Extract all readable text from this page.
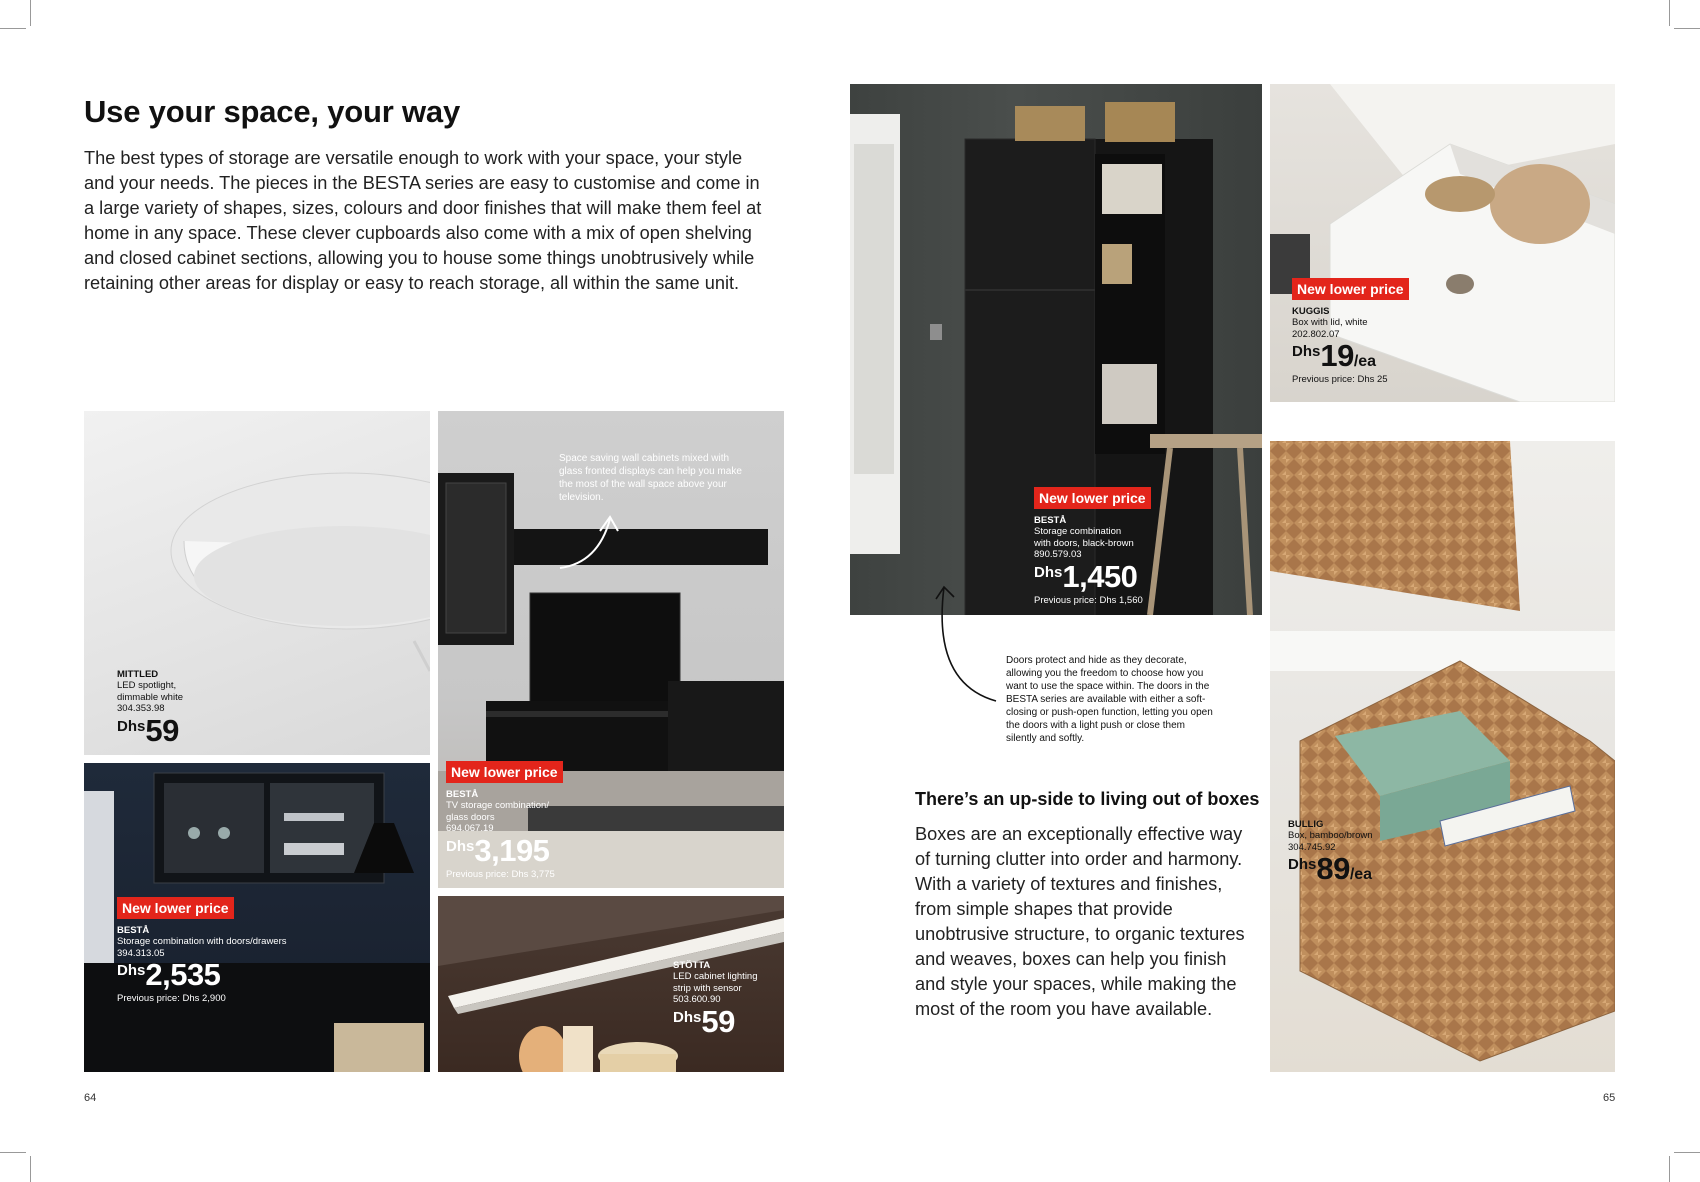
Use your space, your way
The best types of storage are versatile enough to work with your space, your style and your needs. The pieces in the BESTA series are easy to customise and come in a large variety of shapes, sizes, colours and door finishes that will make them feel at home in any space. These clever cupboards also come with a mix of open shelving and closed cabinet sections, allowing you to house some things unobtrusively while retaining other areas for display or easy to reach storage, all within the same unit.
MITTLED
LED spotlight,
dimmable white
304.353.98
Dhs59
Space saving wall cabinets mixed with glass fronted displays can help you make the most of the wall space above your television.
New lower price
BESTÅ
TV storage combination/
glass doors
694.067.19
Dhs3,195
Previous price: Dhs 3,775
New lower price
BESTÅ
Storage combination with doors/drawers
394.313.05
Dhs2,535
Previous price: Dhs 2,900
STÖTTA
LED cabinet lighting
strip with sensor
503.600.90
Dhs59
New lower price
BESTÅ
Storage combination
with doors, black-brown
890.579.03
Dhs1,450
Previous price: Dhs 1,560
Doors protect and hide as they decorate, allowing you the freedom to choose how you want to use the space within. The doors in the BESTA series are available with either a soft-closing or push-open function, letting you open the doors with a light push or close them silently and softly.
New lower price
KUGGIS
Box with lid, white
202.802.07
Dhs19/ea
Previous price: Dhs 25
BULLIG
Box, bamboo/brown
304.745.92
Dhs89/ea
There’s an up-side to living out of boxes
Boxes are an exceptionally effective way of turning clutter into order and harmony. With a variety of textures and finishes, from simple shapes that provide unobtrusive structure, to organic textures and weaves, boxes can help you finish and style your spaces, while making the most of the room you have available.
64	65
